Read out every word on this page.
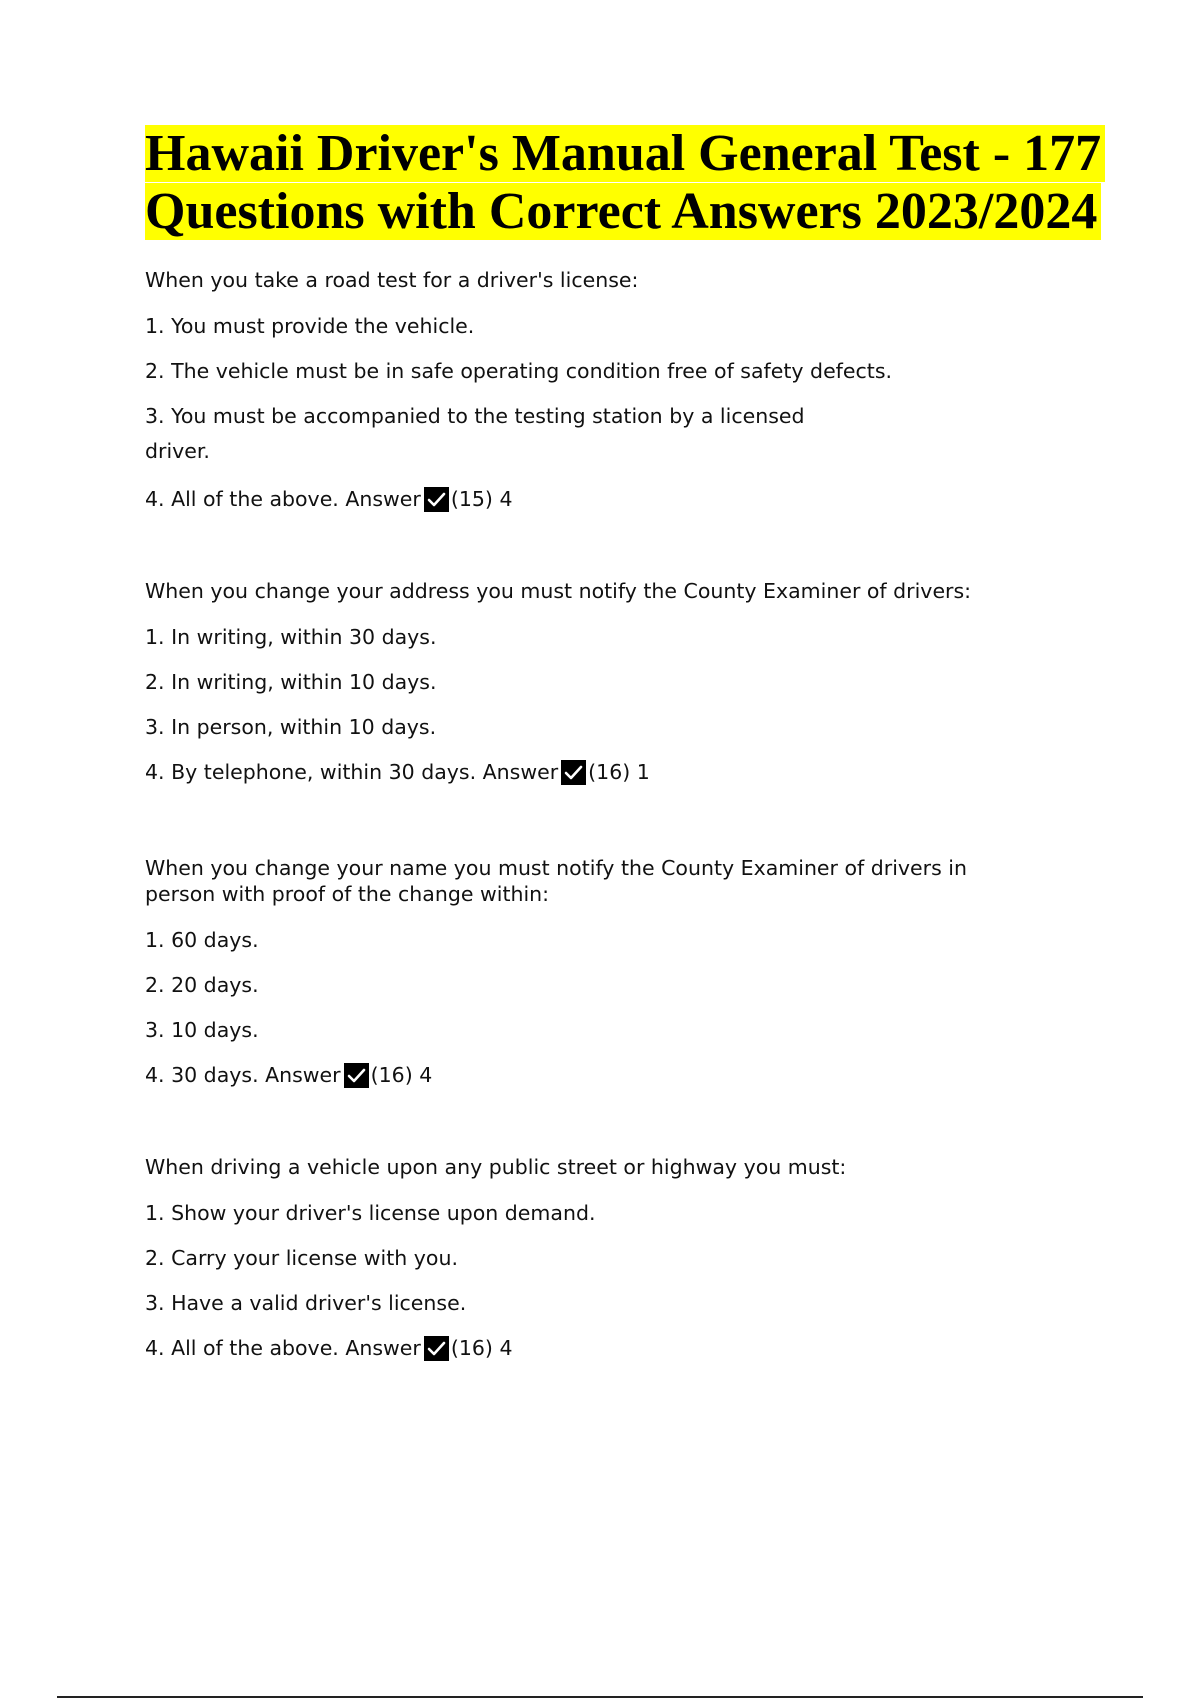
Hawaii Driver's Manual General Test - 177 Questions with Correct Answers 2023/2024

When you take a road test for a driver's license:

1. You must provide the vehicle.

2. The vehicle must be in safe operating condition free of safety defects.

3. You must be accompanied to the testing station by a licensed

driver.

4. All of the above. Answer (15) 4

When you change your address you must notify the County Examiner of drivers:

1. In writing, within 30 days.

2. In writing, within 10 days.

3. In person, within 10 days.

4. By telephone, within 30 days. Answer (16) 1

When you change your name you must notify the County Examiner of drivers in person with proof of the change within:

1. 60 days.

2. 20 days.

3. 10 days.

4. 30 days. Answer (16) 4

When driving a vehicle upon any public street or highway you must:

1. Show your driver's license upon demand.

2. Carry your license with you.

3. Have a valid driver's license.

4. All of the above. Answer (16) 4
